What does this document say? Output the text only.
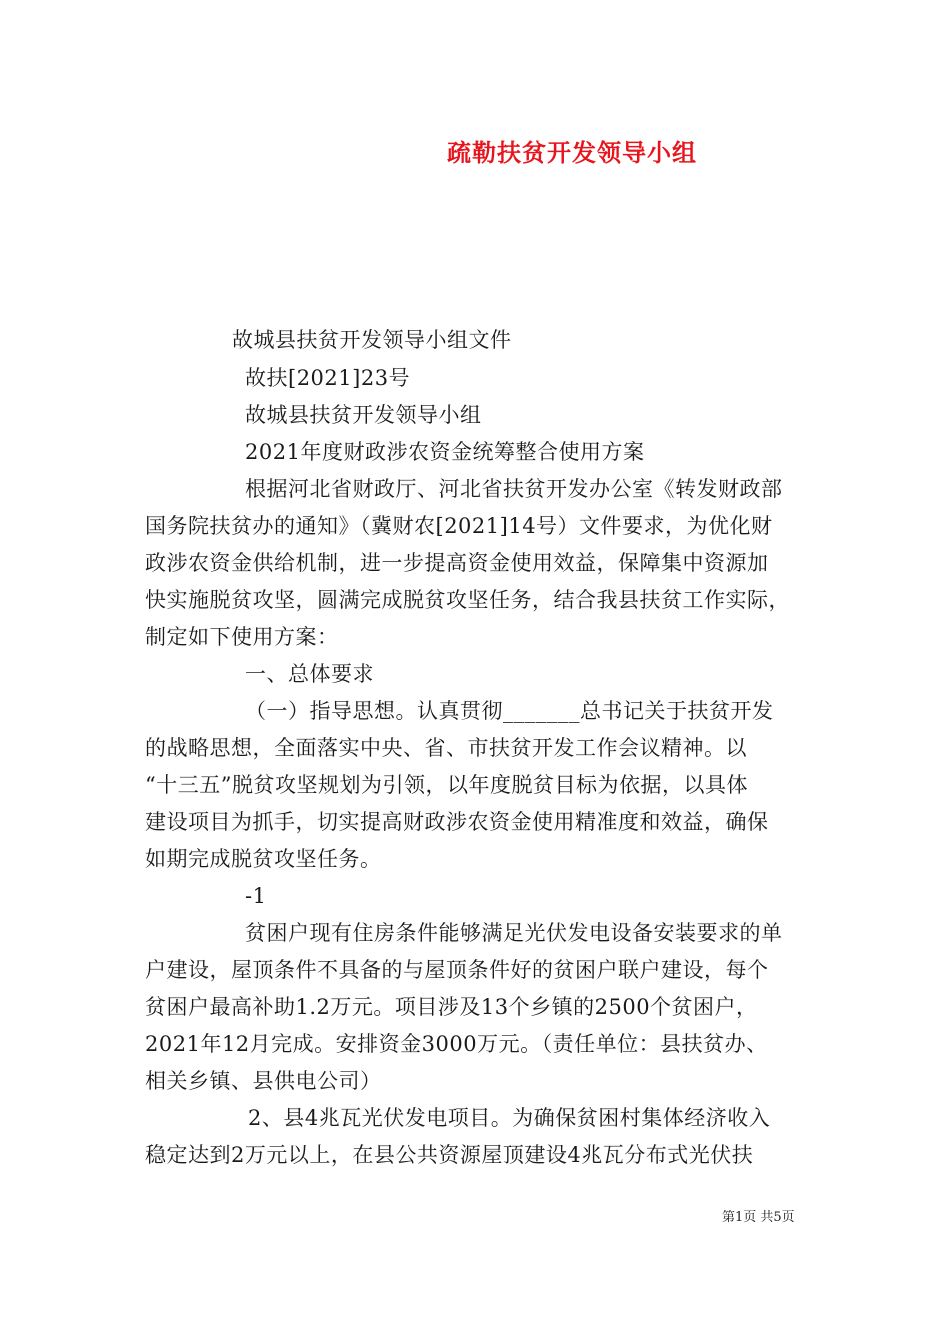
疏勒扶贫开发领导小组
故城县扶贫开发领导小组文件
故扶[2021]23号
故城县扶贫开发领导小组
2021年度财政涉农资金统筹整合使用方案
根据河北省财政厅、河北省扶贫开发办公室《转发财政部
国务院扶贫办的通知》（冀财农[2021]14号）文件要求，为优化财
政涉农资金供给机制，进一步提高资金使用效益，保障集中资源加
快实施脱贫攻坚，圆满完成脱贫攻坚任务，结合我县扶贫工作实际，
制定如下使用方案：
一、总体要求
（一）指导思想。认真贯彻_______总书记关于扶贫开发
的战略思想，全面落实中央、省、市扶贫开发工作会议精神。以
“十三五”脱贫攻坚规划为引领，以年度脱贫目标为依据，以具体
建设项目为抓手，切实提高财政涉农资金使用精准度和效益，确保
如期完成脱贫攻坚任务。
-1
贫困户现有住房条件能够满足光伏发电设备安装要求的单
户建设，屋顶条件不具备的与屋顶条件好的贫困户联户建设，每个
贫困户最高补助1.2万元。项目涉及13个乡镇的2500个贫困户，
2021年12月完成。安排资金3000万元。（责任单位：县扶贫办、
相关乡镇、县供电公司）
2、县4兆瓦光伏发电项目。为确保贫困村集体经济收入
稳定达到2万元以上，在县公共资源屋顶建设4兆瓦分布式光伏扶
第1页 共5页
